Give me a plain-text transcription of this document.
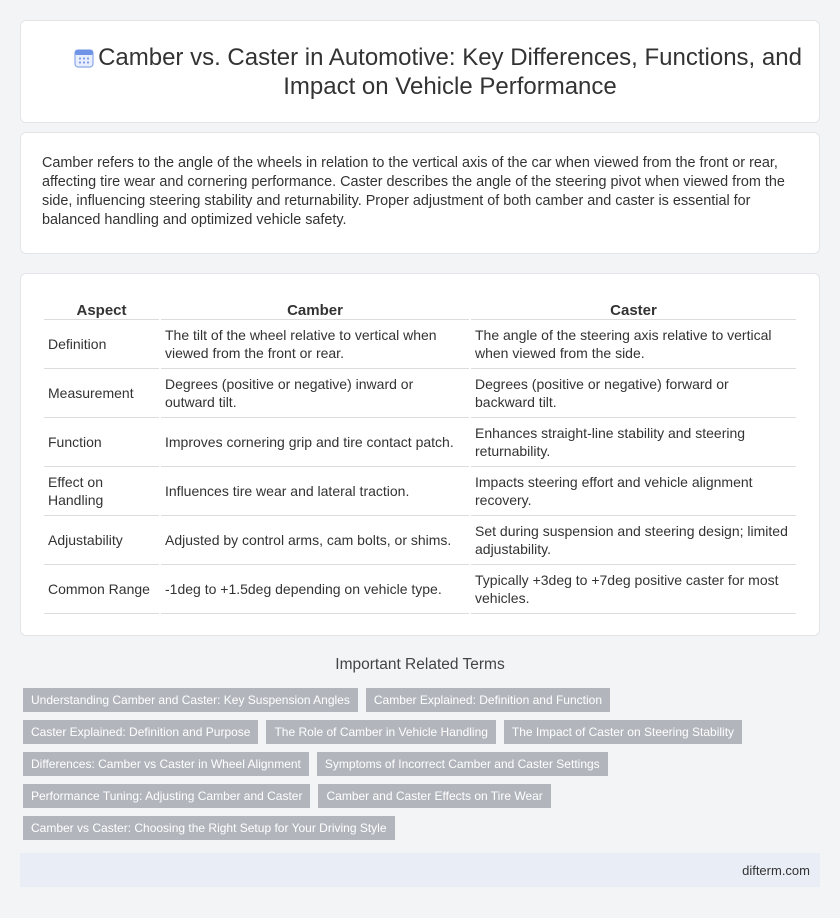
Camber vs. Caster in Automotive: Key Differences, Functions, and Impact on Vehicle Performance

Camber refers to the angle of the wheels in relation to the vertical axis of the car when viewed from the front or rear, affecting tire wear and cornering performance. Caster describes the angle of the steering pivot when viewed from the side, influencing steering stability and returnability. Proper adjustment of both camber and caster is essential for balanced handling and optimized vehicle safety.

Aspect	Camber	Caster
Definition	The tilt of the wheel relative to vertical when viewed from the front or rear.	The angle of the steering axis relative to vertical when viewed from the side.
Measurement	Degrees (positive or negative) inward or outward tilt.	Degrees (positive or negative) forward or backward tilt.
Function	Improves cornering grip and tire contact patch.	Enhances straight-line stability and steering returnability.
Effect on Handling	Influences tire wear and lateral traction.	Impacts steering effort and vehicle alignment recovery.
Adjustability	Adjusted by control arms, cam bolts, or shims.	Set during suspension and steering design; limited adjustability.
Common Range	-1deg to +1.5deg depending on vehicle type.	Typically +3deg to +7deg positive caster for most vehicles.
Important Related Terms
Understanding Camber and Caster: Key Suspension Angles	Camber Explained: Definition and Function
Caster Explained: Definition and Purpose	The Role of Camber in Vehicle Handling	The Impact of Caster on Steering Stability
Differences: Camber vs Caster in Wheel Alignment	Symptoms of Incorrect Camber and Caster Settings
Performance Tuning: Adjusting Camber and Caster	Camber and Caster Effects on Tire Wear
Camber vs Caster: Choosing the Right Setup for Your Driving Style
difterm.com
